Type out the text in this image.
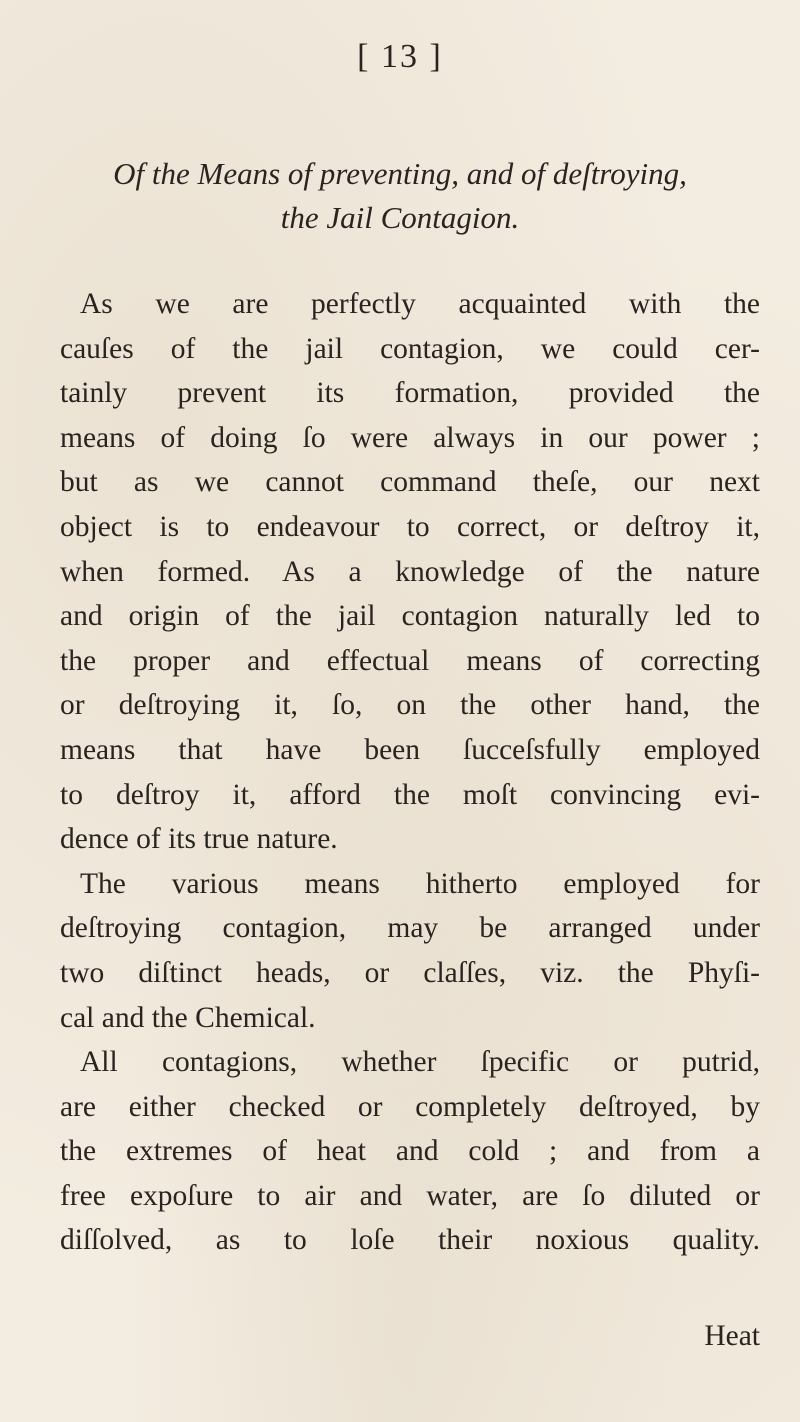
[ 13 ]
Of the Means of preventing, and of deſtroying,
the Jail Contagion.
As we are perfectly acquainted with the
cauſes of the jail contagion, we could cer-
tainly prevent its formation, provided the
means of doing ſo were always in our power ;
but as we cannot command theſe, our next
object is to endeavour to correct, or deſtroy it,
when formed. As a knowledge of the nature
and origin of the jail contagion naturally led to
the proper and effectual means of correcting
or deſtroying it, ſo, on the other hand, the
means that have been ſucceſsfully employed
to deſtroy it, afford the moſt convincing evi-
dence of its true nature.
The various means hitherto employed for
deſtroying contagion, may be arranged under
two diſtinct heads, or claſſes, viz. the Phyſi-
cal and the Chemical.
All contagions, whether ſpecific or putrid,
are either checked or completely deſtroyed, by
the extremes of heat and cold ; and from a
free expoſure to air and water, are ſo diluted or
diſſolved, as to loſe their noxious quality.
Heat
